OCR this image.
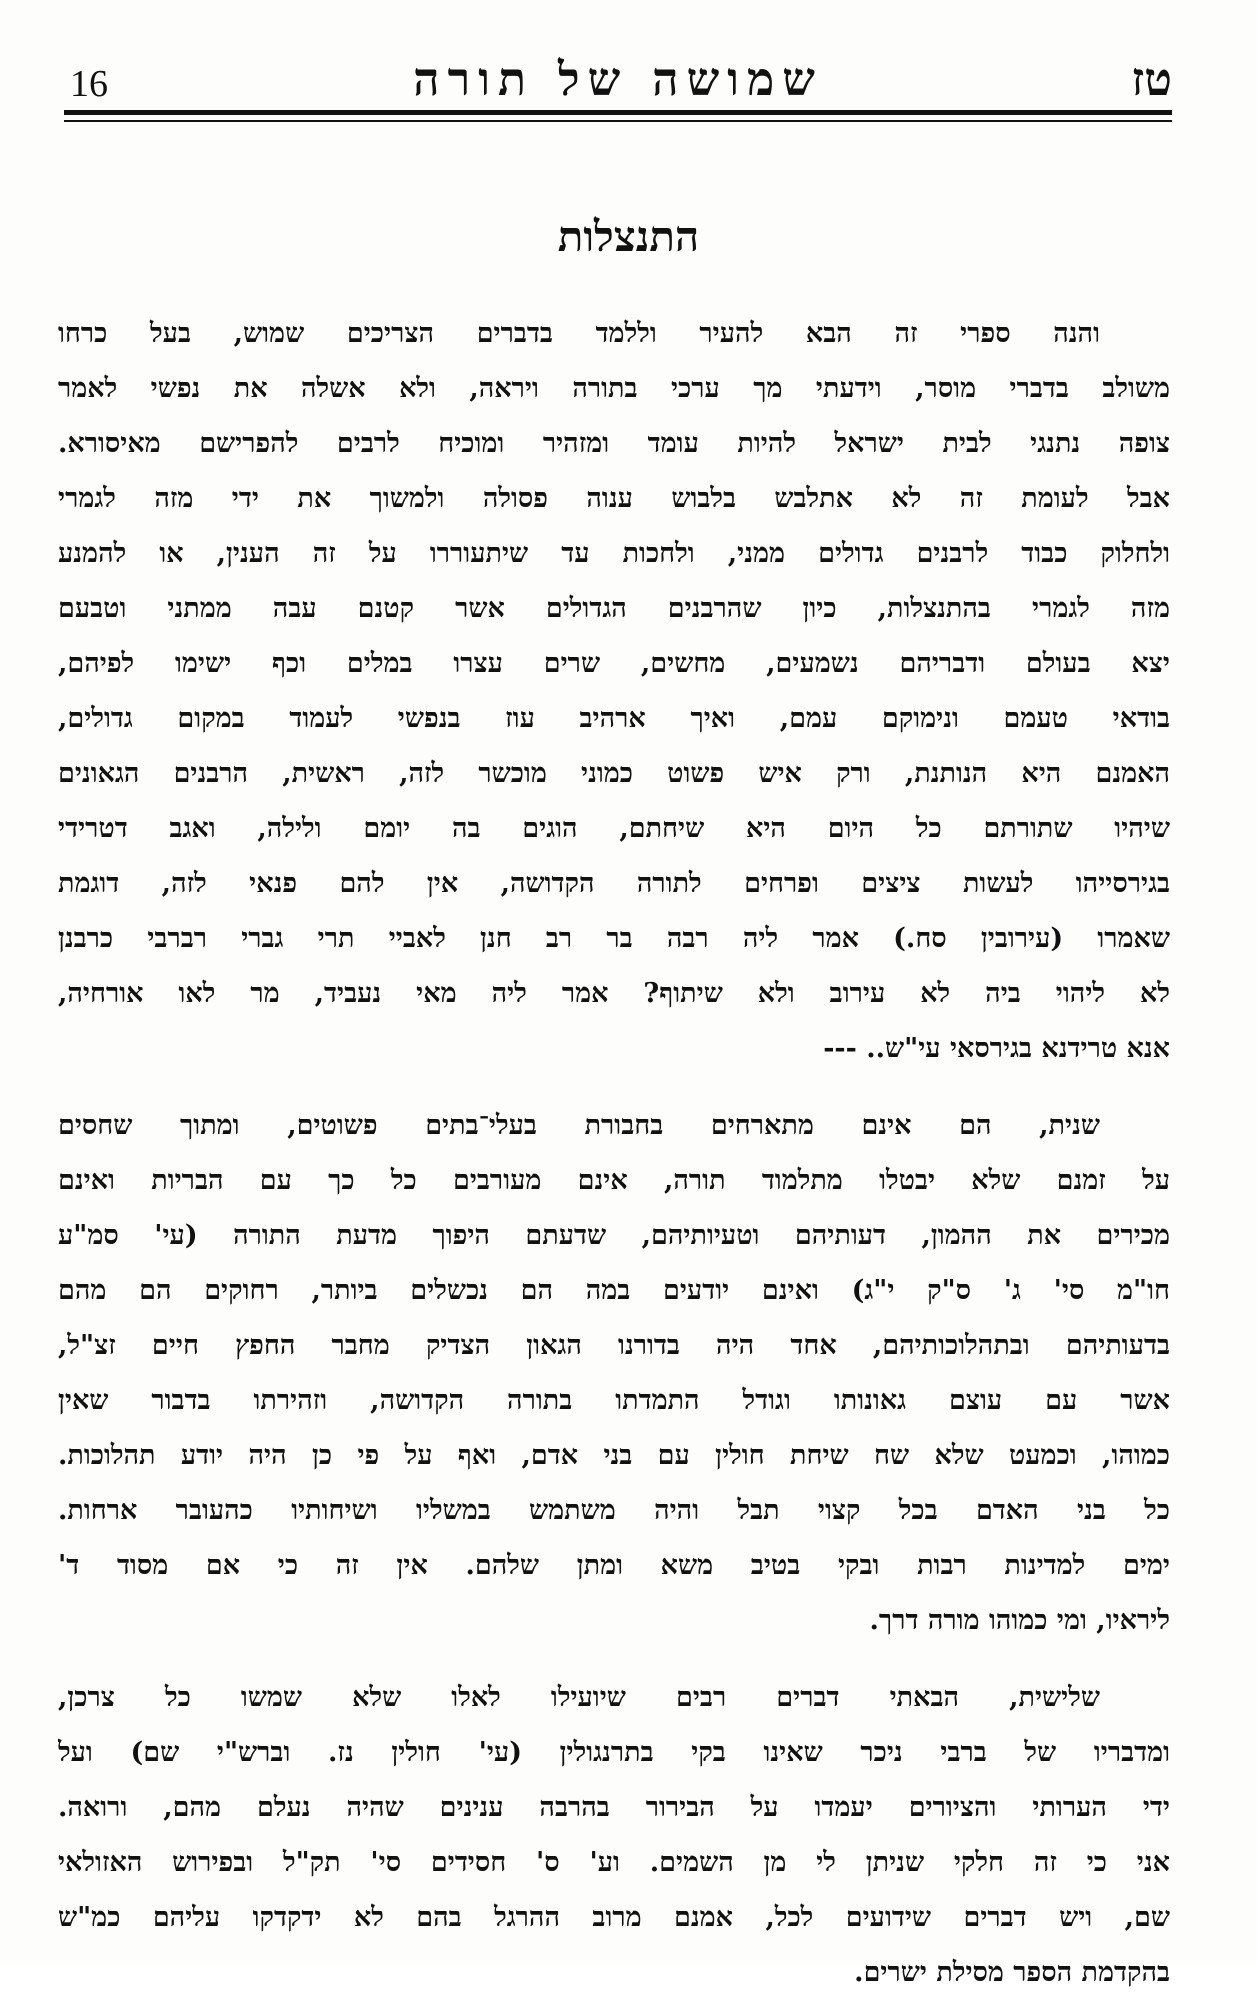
16	שמושה של תורה	טז
התנצלות
והנה ספרי זה הבא להעיר וללמד בדברים הצריכים שמוש, בעל כרחו
משולב בדברי מוסר, וידעתי מך ערכי בתורה ויראה, ולא אשלה את נפשי לאמר
צופה נתנגי לבית ישראל להיות עומד ומזהיר ומוכיח לרבים להפרישם מאיסורא.
אבל לעומת זה לא אתלבש בלבוש ענוה פסולה ולמשוך את ידי מזה לגמרי
ולחלוק כבוד לרבנים גדולים ממני, ולחכות עד שיתעוררו על זה הענין, או להמנע
מזה לגמרי בהתנצלות, כיון שהרבנים הגדולים אשר קטנם עבה ממתני וטבעם
יצא בעולם ודבריהם נשמעים, מחשים, שרים עצרו במלים וכף ישימו לפיהם,
בודאי טעמם ונימוקם עמם, ואיך ארהיב עוז בנפשי לעמוד במקום גדולים,
האמנם היא הנותנת, ורק איש פשוט כמוני מוכשר לזה, ראשית, הרבנים הגאונים
שיהיו שתורתם כל היום היא שיחתם, הוגים בה יומם ולילה, ואגב דטרידי
בגירסייהו לעשות ציצים ופרחים לתורה הקדושה, אין להם פנאי לזה, דוגמת
שאמרו (עירובין סח.) אמר ליה רבה בר רב חנן לאביי תרי גברי רברבי כרבנן
לא ליהוי ביה לא עירוב ולא שיתוף? אמר ליה מאי נעביד, מר לאו אורחיה,
אנא טרידנא בגירסאי עי"ש.. ---
שנית, הם אינם מתארחים בחבורת בעלי־בתים פשוטים, ומתוך שחסים
על זמנם שלא יבטלו מתלמוד תורה, אינם מעורבים כל כך עם הבריות ואינם
מכירים את ההמון, דעותיהם וטעיותיהם, שדעתם היפוך מדעת התורה (עי' סמ"ע
חו"מ סי' ג' ס"ק י"ג) ואינם יודעים במה הם נכשלים ביותר, רחוקים הם מהם
בדעותיהם ובתהלוכותיהם, אחד היה בדורנו הגאון הצדיק מחבר החפץ חיים זצ"ל,
אשר עם עוצם גאונותו וגודל התמדתו בתורה הקדושה, וזהירתו בדבור שאין
כמוהו, וכמעט שלא שח שיחת חולין עם בני אדם, ואף על פי כן היה יודע תהלוכות.
כל בני האדם בכל קצוי תבל והיה משתמש במשליו ושיחותיו כהעובר ארחות.
ימים למדינות רבות ובקי בטיב משא ומתן שלהם. אין זה כי אם מסוד ד'
ליראיו, ומי כמוהו מורה דרך.
שלישית, הבאתי דברים רבים שיועילו לאלו שלא שמשו כל צרכן,
ומדבריו של ברבי ניכר שאינו בקי בתרנגולין (עי' חולין נז. וברש"י שם) ועל
ידי הערותי והציורים יעמדו על הבירור בהרבה ענינים שהיה נעלם מהם, ורואה.
אני כי זה חלקי שניתן לי מן השמים. וע' ס' חסידים סי' תק"ל ובפירוש האזולאי
שם, ויש דברים שידועים לכל, אמנם מרוב ההרגל בהם לא ידקדקו עליהם כמ"ש
בהקדמת הספר מסילת ישרים.
